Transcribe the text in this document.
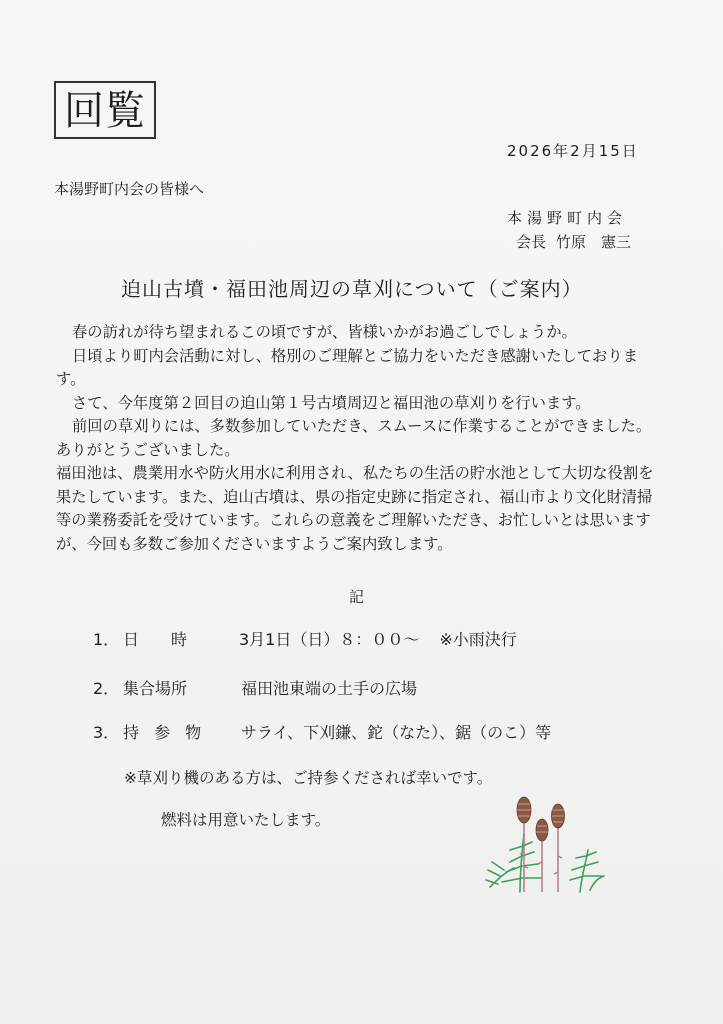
回覧
2026年2月15日
本湯野町内会の皆様へ
本湯野町内会
会長 竹原　憲三
迫山古墳・福田池周辺の草刈について（ご案内）

春の訪れが待ち望まれるこの頃ですが、皆様いかがお過ごしでしょうか。

日頃より町内会活動に対し、格別のご理解とご協力をいただき感謝いたしております。

さて、今年度第２回目の迫山第１号古墳周辺と福田池の草刈りを行います。

前回の草刈りには、多数参加していただき、スムースに作業することができました。ありがとうございました。

福田池は、農業用水や防火用水に利用され、私たちの生活の貯水池として大切な役割を果たしています。また、迫山古墳は、県の指定史跡に指定され、福山市より文化財清掃等の業務委託を受けています。これらの意義をご理解いただき、お忙しいとは思いますが、今回も多数ご参加くださいますようご案内致します。

記
1． 日　時	3月1日（日）８：００～ ※小雨決行
2． 集合場所	福田池東端の土手の広場
3． 持 参 物 サライ、下刈鎌、鉈（なた）、鋸（のこ）等
※草刈り機のある方は、ご持参くだされば幸いです。
燃料は用意いたします。
